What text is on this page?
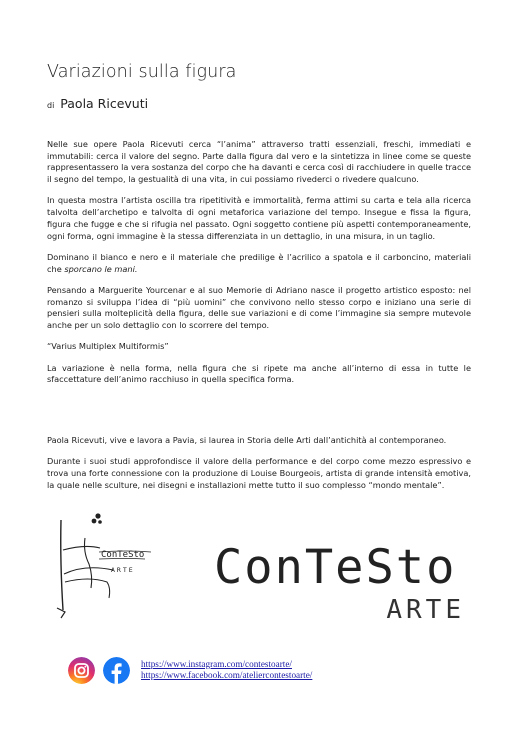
Variazioni sulla figura
di Paola Ricevuti

Nelle sue opere Paola Ricevuti cerca “l’anima” attraverso tratti essenziali, freschi, immediati e immutabili: cerca il valore del segno. Parte dalla figura dal vero e la sintetizza in linee come se queste rappresentassero la vera sostanza del corpo che ha davanti e cerca così di racchiudere in quelle tracce il segno del tempo, la gestualità di una vita, in cui possiamo rivederci o rivedere qualcuno.

In questa mostra l’artista oscilla tra ripetitività e immortalità, ferma attimi su carta e tela alla ricerca talvolta dell’archetipo e talvolta di ogni metaforica variazione del tempo. Insegue e fissa la figura, figura che fugge e che si rifugia nel passato. Ogni soggetto contiene più aspetti contemporaneamente, ogni forma, ogni immagine è la stessa differenziata in un dettaglio, in una misura, in un taglio.

Dominano il bianco e nero e il materiale che predilige è l’acrilico a spatola e il carboncino, materiali che sporcano le mani.

Pensando a Marguerite Yourcenar e al suo Memorie di Adriano nasce il progetto artistico esposto: nel romanzo si sviluppa l’idea di “più uomini” che convivono nello stesso corpo e iniziano una serie di pensieri sulla molteplicità della figura, delle sue variazioni e di come l’immagine sia sempre mutevole anche per un solo dettaglio con lo scorrere del tempo.

“Varius Multiplex Multiformis”

La variazione è nella forma, nella figura che si ripete ma anche all’interno di essa in tutte le sfaccettature dell’animo racchiuso in quella specifica forma.

Paola Ricevuti, vive e lavora a Pavia, si laurea in Storia delle Arti dall’antichità al contemporaneo.

Durante i suoi studi approfondisce il valore della performance e del corpo come mezzo espressivo e trova una forte connessione con la produzione di Louise Bourgeois, artista di grande intensità emotiva, la quale nelle sculture, nei disegni e installazioni mette tutto il suo complesso “mondo mentale”.

ConTeSto
ARTE ConTeSto
ARTE
https://www.instagram.com/contestoarte/
https://www.facebook.com/ateliercontestoarte/
